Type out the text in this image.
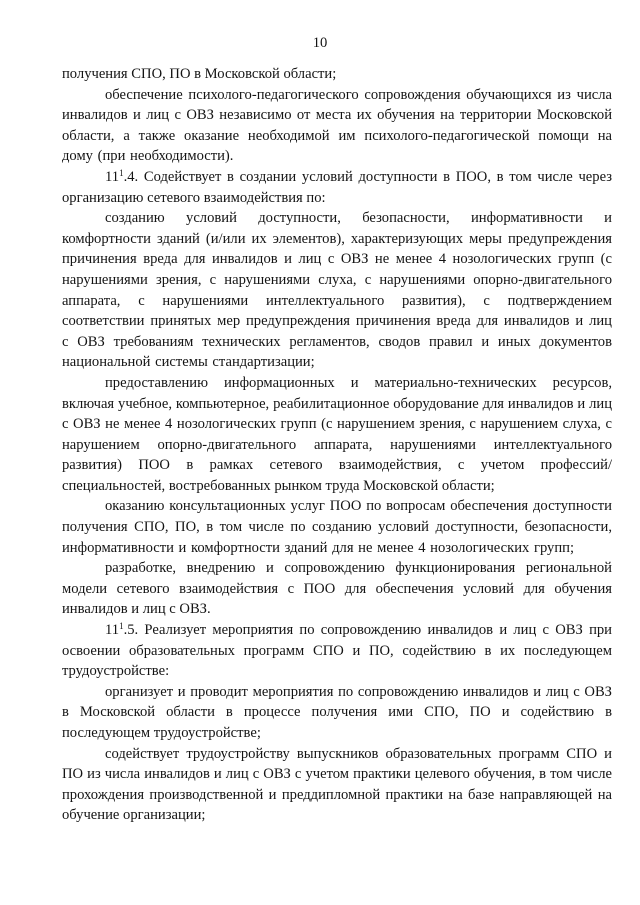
10

получения СПО, ПО в Московской области;

обеспечение психолого-педагогического сопровождения обучающихся из числа инвалидов и лиц с ОВЗ независимо от места их обучения на территории Московской области, а также оказание необходимой им психолого-педагогической помощи на дому (при необходимости).

$11^1.4$. Содействует в создании условий доступности в ПОО, в том числе через организацию сетевого взаимодействия по:

созданию условий доступности, безопасности, информативности и комфортности зданий (и/или их элементов), характеризующих меры предупреждения причинения вреда для инвалидов и лиц с ОВЗ не менее 4 нозологических групп (с нарушениями зрения, с нарушениями слуха, с нарушениями опорно-двигательного аппарата, с нарушениями интеллектуального развития), с подтверждением соответствии принятых мер предупреждения причинения вреда для инвалидов и лиц с ОВЗ требованиям технических регламентов, сводов правил и иных документов национальной системы стандартизации;

предоставлению информационных и материально-технических ресурсов, включая учебное, компьютерное, реабилитационное оборудование для инвалидов и лиц с ОВЗ не менее 4 нозологических групп (с нарушением зрения, с нарушением слуха, с нарушением опорно-двигательного аппарата, нарушениями интеллектуального развития) ПОО в рамках сетевого взаимодействия, с учетом профессий/специальностей, востребованных рынком труда Московской области;

оказанию консультационных услуг ПОО по вопросам обеспечения доступности получения СПО, ПО, в том числе по созданию условий доступности, безопасности, информативности и комфортности зданий для не менее 4 нозологических групп;

разработке, внедрению и сопровождению функционирования региональной модели сетевого взаимодействия с ПОО для обеспечения условий для обучения инвалидов и лиц с ОВЗ.

$11^1.5$. Реализует мероприятия по сопровождению инвалидов и лиц с ОВЗ при освоении образовательных программ СПО и ПО, содействию в их последующем трудоустройстве:

организует и проводит мероприятия по сопровождению инвалидов и лиц с ОВЗ в Московской области в процессе получения ими СПО, ПО и содействию в последующем трудоустройстве;

содействует трудоустройству выпускников образовательных программ СПО и ПО из числа инвалидов и лиц с ОВЗ с учетом практики целевого обучения, в том числе прохождения производственной и преддипломной практики на базе направляющей на обучение организации;
